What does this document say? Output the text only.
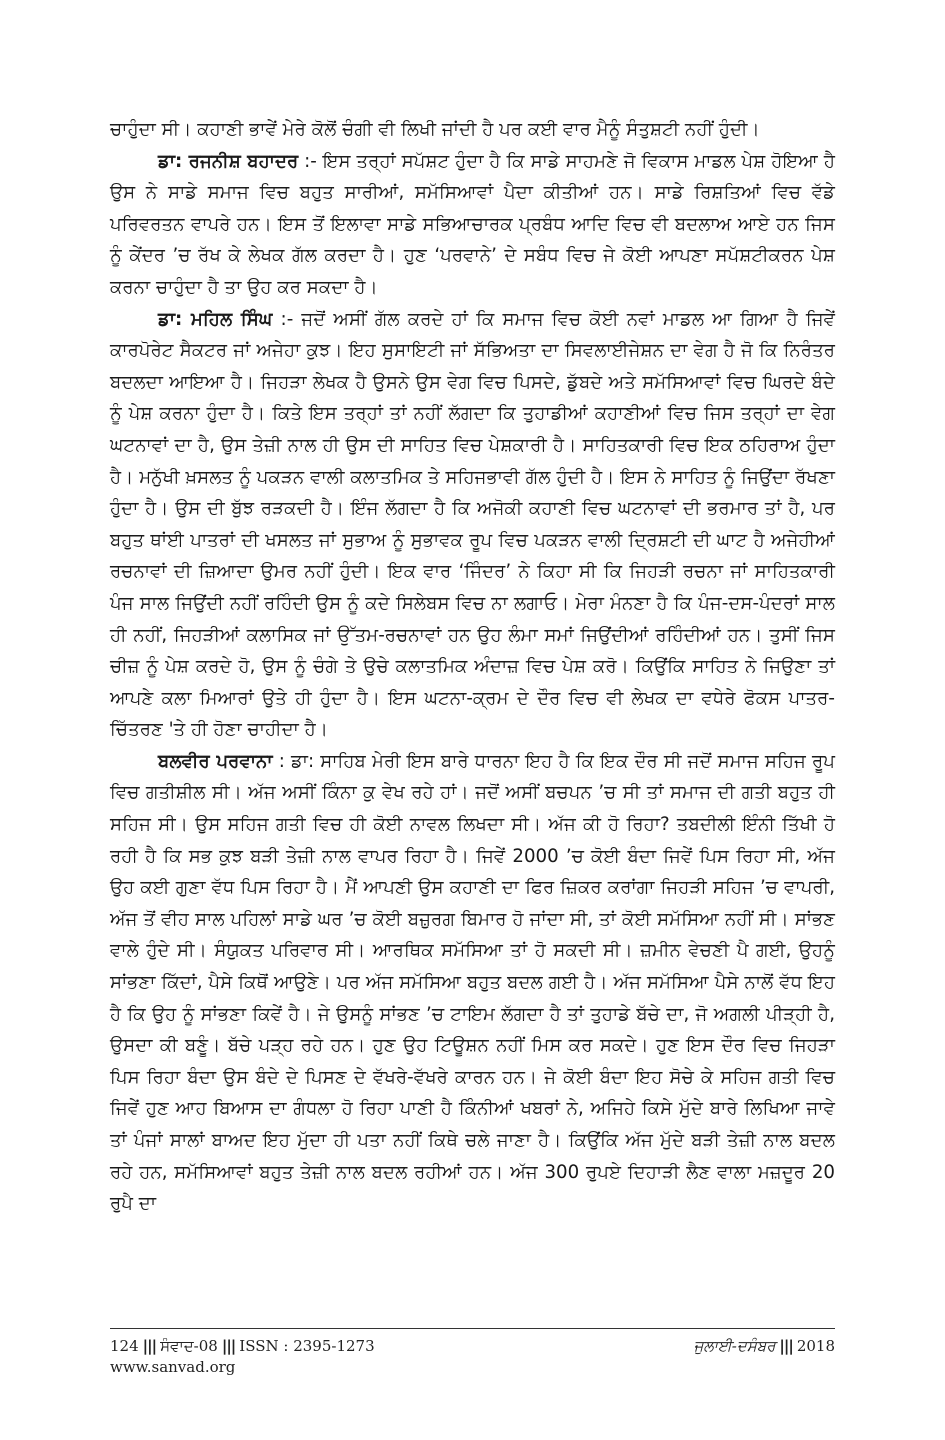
ਚਾਹੁੰਦਾ ਸੀ। ਕਹਾਣੀ ਭਾਵੇਂ ਮੇਰੇ ਕੋਲੋਂ ਚੰਗੀ ਵੀ ਲਿਖੀ ਜਾਂਦੀ ਹੈ ਪਰ ਕਈ ਵਾਰ ਮੈਨੂੰ ਸੰਤੁਸ਼ਟੀ ਨਹੀਂ ਹੁੰਦੀ।

ਡਾ: ਰਜਨੀਸ਼ ਬਹਾਦਰ :- ਇਸ ਤਰ੍ਹਾਂ ਸਪੱਸ਼ਟ ਹੁੰਦਾ ਹੈ ਕਿ ਸਾਡੇ ਸਾਹਮਣੇ ਜੋ ਵਿਕਾਸ ਮਾਡਲ ਪੇਸ਼ ਹੋਇਆ ਹੈ ਉਸ ਨੇ ਸਾਡੇ ਸਮਾਜ ਵਿਚ ਬਹੁਤ ਸਾਰੀਆਂ, ਸਮੱਸਿਆਵਾਂ ਪੈਦਾ ਕੀਤੀਆਂ ਹਨ। ਸਾਡੇ ਰਿਸ਼ਤਿਆਂ ਵਿਚ ਵੱਡੇ ਪਰਿਵਰਤਨ ਵਾਪਰੇ ਹਨ। ਇਸ ਤੋਂ ਇਲਾਵਾ ਸਾਡੇ ਸਭਿਆਚਾਰਕ ਪ੍ਰਬੰਧ ਆਦਿ ਵਿਚ ਵੀ ਬਦਲਾਅ ਆਏ ਹਨ ਜਿਸ ਨੂੰ ਕੇਂਦਰ ’ਚ ਰੱਖ ਕੇ ਲੇਖਕ ਗੱਲ ਕਰਦਾ ਹੈ। ਹੁਣ ‘ਪਰਵਾਨੇ’ ਦੇ ਸਬੰਧ ਵਿਚ ਜੇ ਕੋਈ ਆਪਣਾ ਸਪੱਸ਼ਟੀਕਰਨ ਪੇਸ਼ ਕਰਨਾ ਚਾਹੁੰਦਾ ਹੈ ਤਾ ਉਹ ਕਰ ਸਕਦਾ ਹੈ।

ਡਾ: ਮਹਿਲ ਸਿੰਘ :- ਜਦੋਂ ਅਸੀਂ ਗੱਲ ਕਰਦੇ ਹਾਂ ਕਿ ਸਮਾਜ ਵਿਚ ਕੋਈ ਨਵਾਂ ਮਾਡਲ ਆ ਗਿਆ ਹੈ ਜਿਵੇਂ ਕਾਰਪੋਰੇਟ ਸੈਕਟਰ ਜਾਂ ਅਜੇਹਾ ਕੁਝ। ਇਹ ਸੁਸਾਇਟੀ ਜਾਂ ਸੱਭਿਅਤਾ ਦਾ ਸਿਵਲਾਈਜੇਸ਼ਨ ਦਾ ਵੇਗ ਹੈ ਜੋ ਕਿ ਨਿਰੰਤਰ ਬਦਲਦਾ ਆਇਆ ਹੈ। ਜਿਹੜਾ ਲੇਖਕ ਹੈ ਉਸਨੇ ਉਸ ਵੇਗ ਵਿਚ ਪਿਸਦੇ, ਡੁੱਬਦੇ ਅਤੇ ਸਮੱਸਿਆਵਾਂ ਵਿਚ ਘਿਰਦੇ ਬੰਦੇ ਨੂੰ ਪੇਸ਼ ਕਰਨਾ ਹੁੰਦਾ ਹੈ। ਕਿਤੇ ਇਸ ਤਰ੍ਹਾਂ ਤਾਂ ਨਹੀਂ ਲੱਗਦਾ ਕਿ ਤੁਹਾਡੀਆਂ ਕਹਾਣੀਆਂ ਵਿਚ ਜਿਸ ਤਰ੍ਹਾਂ ਦਾ ਵੇਗ ਘਟਨਾਵਾਂ ਦਾ ਹੈ, ਉਸ ਤੇਜ਼ੀ ਨਾਲ ਹੀ ਉਸ ਦੀ ਸਾਹਿਤ ਵਿਚ ਪੇਸ਼ਕਾਰੀ ਹੈ। ਸਾਹਿਤਕਾਰੀ ਵਿਚ ਇਕ ਠਹਿਰਾਅ ਹੁੰਦਾ ਹੈ। ਮਨੁੱਖੀ ਖ਼ਸਲਤ ਨੂੰ ਪਕੜਨ ਵਾਲੀ ਕਲਾਤਮਿਕ ਤੇ ਸਹਿਜਭਾਵੀ ਗੱਲ ਹੁੰਦੀ ਹੈ। ਇਸ ਨੇ ਸਾਹਿਤ ਨੂੰ ਜਿਉਂਦਾ ਰੱਖਣਾ ਹੁੰਦਾ ਹੈ। ਉਸ ਦੀ ਬੁੱਝ ਰੜਕਦੀ ਹੈ। ਇੰਜ ਲੱਗਦਾ ਹੈ ਕਿ ਅਜੋਕੀ ਕਹਾਣੀ ਵਿਚ ਘਟਨਾਵਾਂ ਦੀ ਭਰਮਾਰ ਤਾਂ ਹੈ, ਪਰ ਬਹੁਤ ਥਾਂਈ ਪਾਤਰਾਂ ਦੀ ਖਸਲਤ ਜਾਂ ਸੁਭਾਅ ਨੂੰ ਸੁਭਾਵਕ ਰੂਪ ਵਿਚ ਪਕੜਨ ਵਾਲੀ ਦ੍ਰਿਸ਼ਟੀ ਦੀ ਘਾਟ ਹੈ ਅਜੇਹੀਆਂ ਰਚਨਾਵਾਂ ਦੀ ਜ਼ਿਆਦਾ ਉਮਰ ਨਹੀਂ ਹੁੰਦੀ। ਇਕ ਵਾਰ ‘ਜਿੰਦਰ’ ਨੇ ਕਿਹਾ ਸੀ ਕਿ ਜਿਹੜੀ ਰਚਨਾ ਜਾਂ ਸਾਹਿਤਕਾਰੀ ਪੰਜ ਸਾਲ ਜਿਉਂਦੀ ਨਹੀਂ ਰਹਿੰਦੀ ਉਸ ਨੂੰ ਕਦੇ ਸਿਲੇਬਸ ਵਿਚ ਨਾ ਲਗਾਓ। ਮੇਰਾ ਮੰਨਣਾ ਹੈ ਕਿ ਪੰਜ-ਦਸ-ਪੰਦਰਾਂ ਸਾਲ ਹੀ ਨਹੀਂ, ਜਿਹੜੀਆਂ ਕਲਾਸਿਕ ਜਾਂ ਉੱਤਮ-ਰਚਨਾਵਾਂ ਹਨ ਉਹ ਲੰਮਾ ਸਮਾਂ ਜਿਉਂਦੀਆਂ ਰਹਿੰਦੀਆਂ ਹਨ। ਤੁਸੀਂ ਜਿਸ ਚੀਜ਼ ਨੂੰ ਪੇਸ਼ ਕਰਦੇ ਹੋ, ਉਸ ਨੂੰ ਚੰਗੇ ਤੇ ਉਚੇ ਕਲਾਤਮਿਕ ਅੰਦਾਜ਼ ਵਿਚ ਪੇਸ਼ ਕਰੋ। ਕਿਉਂਕਿ ਸਾਹਿਤ ਨੇ ਜਿਉਣਾ ਤਾਂ ਆਪਣੇ ਕਲਾ ਮਿਆਰਾਂ ਉਤੇ ਹੀ ਹੁੰਦਾ ਹੈ। ਇਸ ਘਟਨਾ-ਕ੍ਰਮ ਦੇ ਦੌਰ ਵਿਚ ਵੀ ਲੇਖਕ ਦਾ ਵਧੇਰੇ ਫੋਕਸ ਪਾਤਰ-ਚਿੱਤਰਣ 'ਤੇ ਹੀ ਹੋਣਾ ਚਾਹੀਦਾ ਹੈ।

ਬਲਵੀਰ ਪਰਵਾਨਾ : ਡਾ: ਸਾਹਿਬ ਮੇਰੀ ਇਸ ਬਾਰੇ ਧਾਰਨਾ ਇਹ ਹੈ ਕਿ ਇਕ ਦੌਰ ਸੀ ਜਦੋਂ ਸਮਾਜ ਸਹਿਜ ਰੂਪ ਵਿਚ ਗਤੀਸ਼ੀਲ ਸੀ। ਅੱਜ ਅਸੀਂ ਕਿੰਨਾ ਕੁ ਵੇਖ ਰਹੇ ਹਾਂ। ਜਦੋਂ ਅਸੀਂ ਬਚਪਨ ’ਚ ਸੀ ਤਾਂ ਸਮਾਜ ਦੀ ਗਤੀ ਬਹੁਤ ਹੀ ਸਹਿਜ ਸੀ। ਉਸ ਸਹਿਜ ਗਤੀ ਵਿਚ ਹੀ ਕੋਈ ਨਾਵਲ ਲਿਖਦਾ ਸੀ। ਅੱਜ ਕੀ ਹੋ ਰਿਹਾ? ਤਬਦੀਲੀ ਇੰਨੀ ਤਿੱਖੀ ਹੋ ਰਹੀ ਹੈ ਕਿ ਸਭ ਕੁਝ ਬੜੀ ਤੇਜ਼ੀ ਨਾਲ ਵਾਪਰ ਰਿਹਾ ਹੈ। ਜਿਵੇਂ 2000 ’ਚ ਕੋਈ ਬੰਦਾ ਜਿਵੇਂ ਪਿਸ ਰਿਹਾ ਸੀ, ਅੱਜ ਉਹ ਕਈ ਗੁਣਾ ਵੱਧ ਪਿਸ ਰਿਹਾ ਹੈ। ਮੈਂ ਆਪਣੀ ਉਸ ਕਹਾਣੀ ਦਾ ਫਿਰ ਜ਼ਿਕਰ ਕਰਾਂਗਾ ਜਿਹੜੀ ਸਹਿਜ ’ਚ ਵਾਪਰੀ, ਅੱਜ ਤੋਂ ਵੀਹ ਸਾਲ ਪਹਿਲਾਂ ਸਾਡੇ ਘਰ ’ਚ ਕੋਈ ਬਜ਼ੁਰਗ ਬਿਮਾਰ ਹੋ ਜਾਂਦਾ ਸੀ, ਤਾਂ ਕੋਈ ਸਮੱਸਿਆ ਨਹੀਂ ਸੀ। ਸਾਂਭਣ ਵਾਲੇ ਹੁੰਦੇ ਸੀ। ਸੰਯੁਕਤ ਪਰਿਵਾਰ ਸੀ। ਆਰਥਿਕ ਸਮੱਸਿਆ ਤਾਂ ਹੋ ਸਕਦੀ ਸੀ। ਜ਼ਮੀਨ ਵੇਚਣੀ ਪੈ ਗਈ, ਉਹਨੂੰ ਸਾਂਭਣਾ ਕਿੱਦਾਂ, ਪੈਸੇ ਕਿਥੋਂ ਆਉਣੇ। ਪਰ ਅੱਜ ਸਮੱਸਿਆ ਬਹੁਤ ਬਦਲ ਗਈ ਹੈ। ਅੱਜ ਸਮੱਸਿਆ ਪੈਸੇ ਨਾਲੋਂ ਵੱਧ ਇਹ ਹੈ ਕਿ ਉਹ ਨੂੰ ਸਾਂਭਣਾ ਕਿਵੇਂ ਹੈ। ਜੇ ਉਸਨੂੰ ਸਾਂਭਣ ’ਚ ਟਾਇਮ ਲੱਗਦਾ ਹੈ ਤਾਂ ਤੁਹਾਡੇ ਬੱਚੇ ਦਾ, ਜੋ ਅਗਲੀ ਪੀੜ੍ਹੀ ਹੈ, ਉਸਦਾ ਕੀ ਬਣੂੰ। ਬੱਚੇ ਪੜ੍ਹ ਰਹੇ ਹਨ। ਹੁਣ ਉਹ ਟਿਊਸ਼ਨ ਨਹੀਂ ਮਿਸ ਕਰ ਸਕਦੇ। ਹੁਣ ਇਸ ਦੌਰ ਵਿਚ ਜਿਹੜਾ ਪਿਸ ਰਿਹਾ ਬੰਦਾ ਉਸ ਬੰਦੇ ਦੇ ਪਿਸਣ ਦੇ ਵੱਖਰੇ-ਵੱਖਰੇ ਕਾਰਨ ਹਨ। ਜੇ ਕੋਈ ਬੰਦਾ ਇਹ ਸੋਚੇ ਕੇ ਸਹਿਜ ਗਤੀ ਵਿਚ ਜਿਵੇਂ ਹੁਣ ਆਹ ਬਿਆਸ ਦਾ ਗੰਧਲਾ ਹੋ ਰਿਹਾ ਪਾਣੀ ਹੈ ਕਿੰਨੀਆਂ ਖਬਰਾਂ ਨੇ, ਅਜਿਹੇ ਕਿਸੇ ਮੁੱਦੇ ਬਾਰੇ ਲਿਖਿਆ ਜਾਵੇ ਤਾਂ ਪੰਜਾਂ ਸਾਲਾਂ ਬਾਅਦ ਇਹ ਮੁੱਦਾ ਹੀ ਪਤਾ ਨਹੀਂ ਕਿਥੇ ਚਲੇ ਜਾਣਾ ਹੈ। ਕਿਉਂਕਿ ਅੱਜ ਮੁੱਦੇ ਬੜੀ ਤੇਜ਼ੀ ਨਾਲ ਬਦਲ ਰਹੇ ਹਨ, ਸਮੱਸਿਆਵਾਂ ਬਹੁਤ ਤੇਜ਼ੀ ਨਾਲ ਬਦਲ ਰਹੀਆਂ ਹਨ। ਅੱਜ 300 ਰੁਪਏ ਦਿਹਾੜੀ ਲੈਣ ਵਾਲਾ ਮਜ਼ਦੂਰ 20 ਰੁਪੈ ਦਾ

124 ||| ਸੰਵਾਦ-08 ||| ISSN : 2395-1273
www.sanvad.org
ਜੁਲਾਈ-ਦਸੰਬਰ ||| 2018
